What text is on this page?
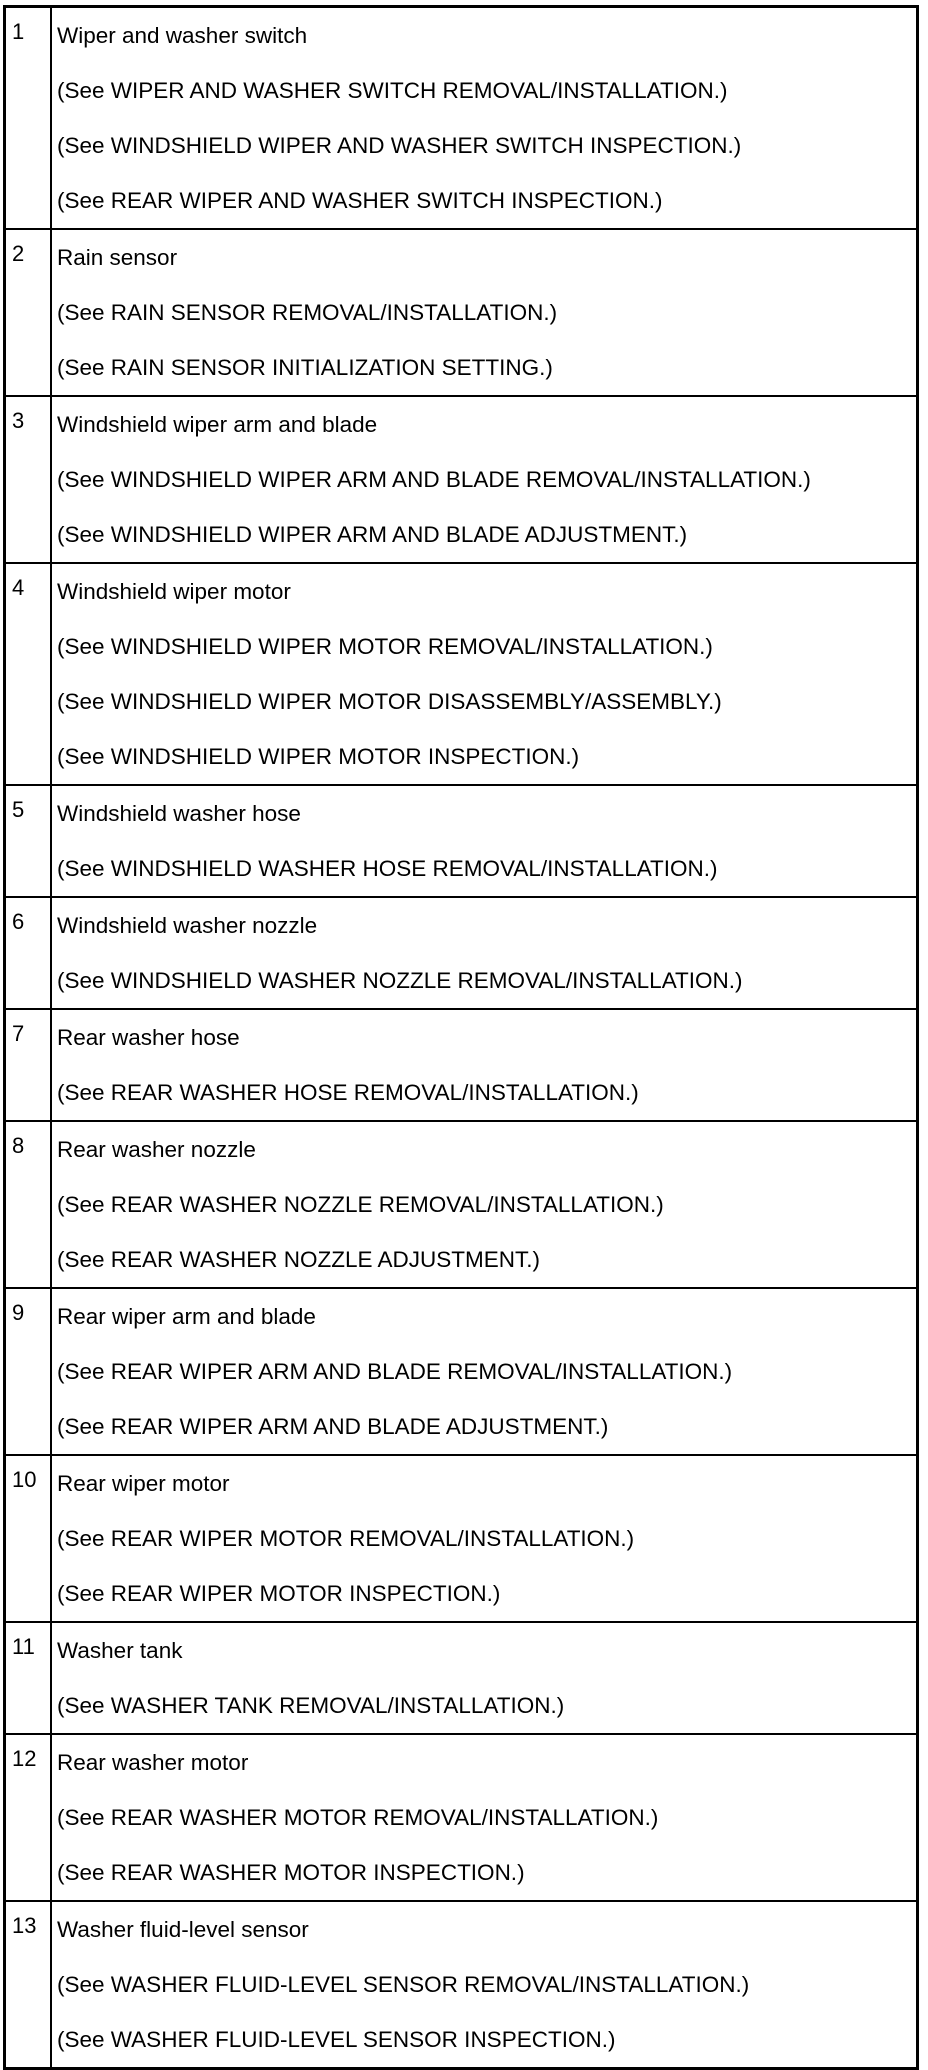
1	Wiper and washer switch
(See WIPER AND WASHER SWITCH REMOVAL/INSTALLATION.)
(See WINDSHIELD WIPER AND WASHER SWITCH INSPECTION.)
(See REAR WIPER AND WASHER SWITCH INSPECTION.)

2	Rain sensor
(See RAIN SENSOR REMOVAL/INSTALLATION.)
(See RAIN SENSOR INITIALIZATION SETTING.)

3	Windshield wiper arm and blade
(See WINDSHIELD WIPER ARM AND BLADE REMOVAL/INSTALLATION.)
(See WINDSHIELD WIPER ARM AND BLADE ADJUSTMENT.)

4	Windshield wiper motor
(See WINDSHIELD WIPER MOTOR REMOVAL/INSTALLATION.)
(See WINDSHIELD WIPER MOTOR DISASSEMBLY/ASSEMBLY.)
(See WINDSHIELD WIPER MOTOR INSPECTION.)

5	Windshield washer hose
(See WINDSHIELD WASHER HOSE REMOVAL/INSTALLATION.)

6	Windshield washer nozzle
(See WINDSHIELD WASHER NOZZLE REMOVAL/INSTALLATION.)

7	Rear washer hose
(See REAR WASHER HOSE REMOVAL/INSTALLATION.)

8	Rear washer nozzle
(See REAR WASHER NOZZLE REMOVAL/INSTALLATION.)
(See REAR WASHER NOZZLE ADJUSTMENT.)

9	Rear wiper arm and blade
(See REAR WIPER ARM AND BLADE REMOVAL/INSTALLATION.)
(See REAR WIPER ARM AND BLADE ADJUSTMENT.)

10	Rear wiper motor
(See REAR WIPER MOTOR REMOVAL/INSTALLATION.)
(See REAR WIPER MOTOR INSPECTION.)

11	Washer tank
(See WASHER TANK REMOVAL/INSTALLATION.)

12	Rear washer motor
(See REAR WASHER MOTOR REMOVAL/INSTALLATION.)
(See REAR WASHER MOTOR INSPECTION.)

13	Washer fluid-level sensor
(See WASHER FLUID-LEVEL SENSOR REMOVAL/INSTALLATION.)
(See WASHER FLUID-LEVEL SENSOR INSPECTION.)
